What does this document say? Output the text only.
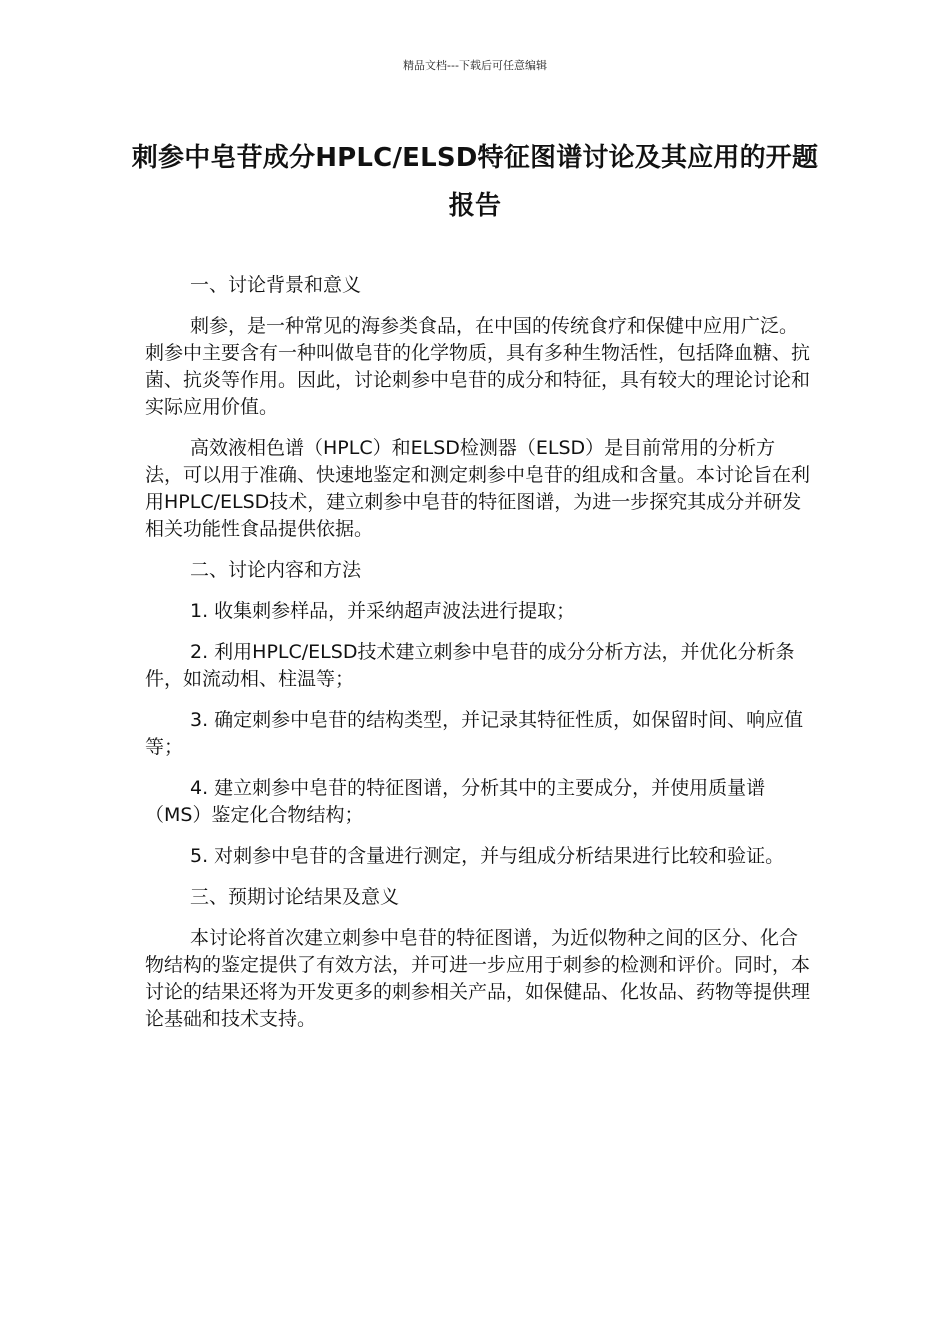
精品文档---下载后可任意编辑
刺参中皂苷成分HPLC/ELSD特征图谱讨论及其应用的开题报告

一、讨论背景和意义

刺参，是一种常见的海参类食品，在中国的传统食疗和保健中应用广泛。刺参中主要含有一种叫做皂苷的化学物质，具有多种生物活性，包括降血糖、抗菌、抗炎等作用。因此，讨论刺参中皂苷的成分和特征，具有较大的理论讨论和实际应用价值。

高效液相色谱（HPLC）和ELSD检测器（ELSD）是目前常用的分析方法，可以用于准确、快速地鉴定和测定刺参中皂苷的组成和含量。本讨论旨在利用HPLC/ELSD技术，建立刺参中皂苷的特征图谱，为进一步探究其成分并研发相关功能性食品提供依据。

二、讨论内容和方法

1. 收集刺参样品，并采纳超声波法进行提取；

2. 利用HPLC/ELSD技术建立刺参中皂苷的成分分析方法，并优化分析条件，如流动相、柱温等；

3. 确定刺参中皂苷的结构类型，并记录其特征性质，如保留时间、响应值等；

4. 建立刺参中皂苷的特征图谱，分析其中的主要成分，并使用质量谱（MS）鉴定化合物结构；

5. 对刺参中皂苷的含量进行测定，并与组成分析结果进行比较和验证。

三、预期讨论结果及意义

本讨论将首次建立刺参中皂苷的特征图谱，为近似物种之间的区分、化合物结构的鉴定提供了有效方法，并可进一步应用于刺参的检测和评价。同时，本讨论的结果还将为开发更多的刺参相关产品，如保健品、化妆品、药物等提供理论基础和技术支持。
